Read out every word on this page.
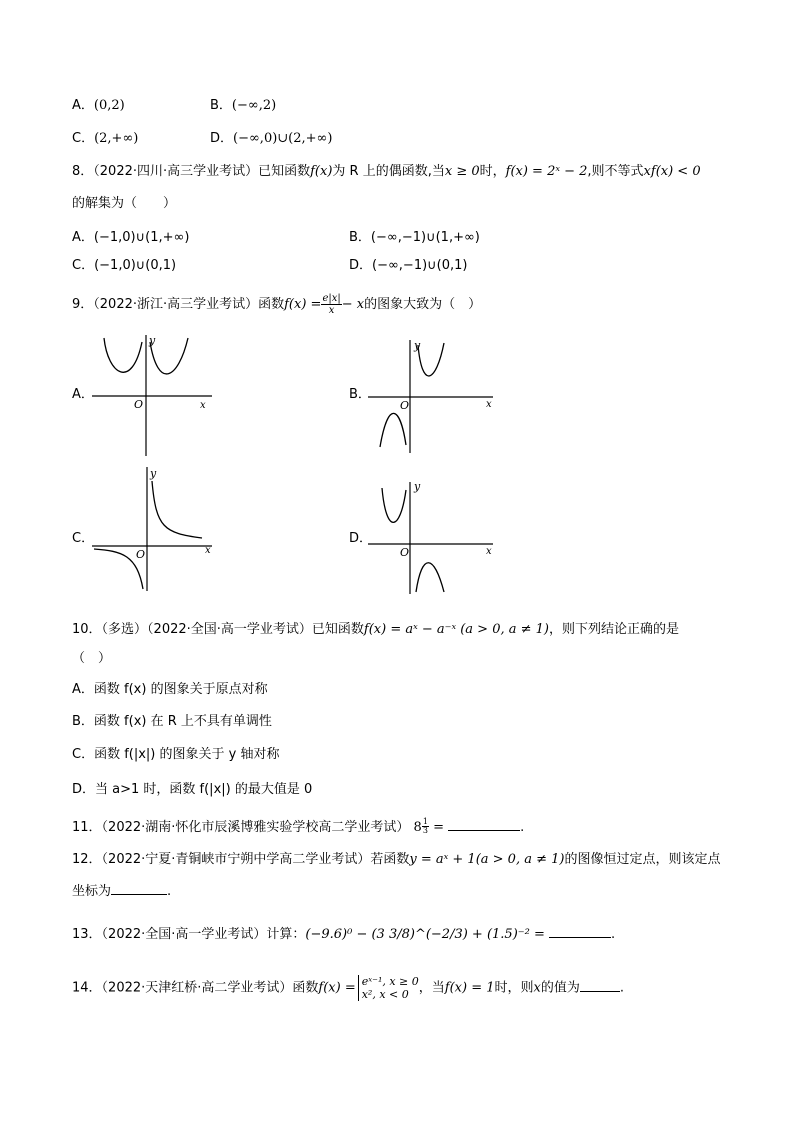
A．(0,2)	B．(−∞,2)
C．(2,+∞)	D．(−∞,0)∪(2,+∞)
8．（2022·四川·高三学业考试）已知函数f(x)为 R 上的偶函数,当x ≥ 0时，f(x) = 2ˣ − 2,则不等式xf(x) < 0
的解集为（　　）
A．(−1,0)∪(1,+∞)	B．(−∞,−1)∪(1,+∞)
C．(−1,0)∪(0,1)	D．(−∞,−1)∪(0,1)
9．（2022·浙江·高三学业考试）函数$f(x) = \frac{e|x|}{x} - x$的图象大致为（　）
A．
y
x
O
B．
y
x
O
C．
y
x
O
D．
y
x
O
10．（多选）（2022·全国·高一学业考试）已知函数f(x) = aˣ − a⁻ˣ (a > 0, a ≠ 1)，则下列结论正确的是
（　）
A．函数 f(x) 的图象关于原点对称
B．函数 f(x) 在 R 上不具有单调性
C．函数 f(|x|) 的图象关于 y 轴对称
D．当 a>1 时，函数 f(|x|) 的最大值是 0
11．（2022·湖南·怀化市辰溪博雅实验学校高二学业考试） $8 \frac{1}{3}$ =	.
12．（2022·宁夏·青铜峡市宁朔中学高二学业考试）若函数y = aˣ + 1(a > 0, a ≠ 1)的图像恒过定点，则该定点
坐标为	.
13．（2022·全国·高一学业考试）计算：(−9.6)⁰ − (3 3/8)^(−2/3) + (1.5)⁻² =	.
14．（2022·天津红桥·高二学业考试）函数f(x) = eˣ⁻¹, x ≥ 0
x², x < 0 ，当f(x) = 1时，则x的值为	.
